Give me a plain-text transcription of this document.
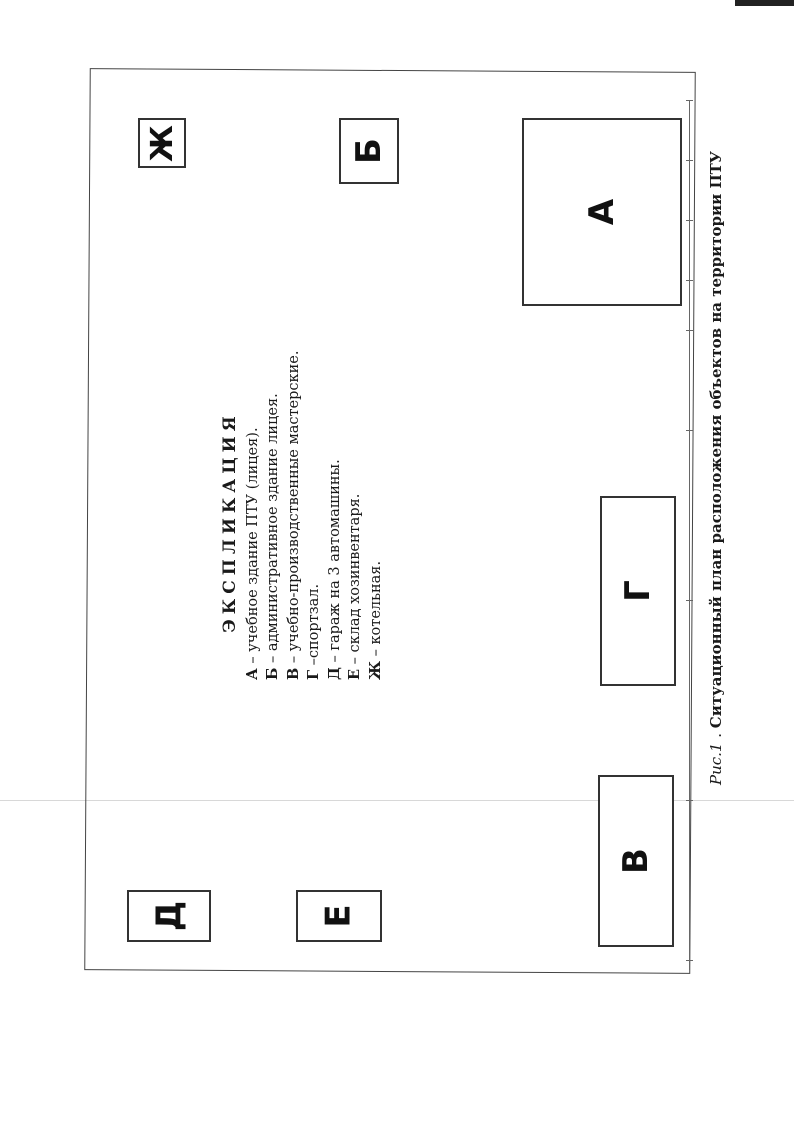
А
Б
В
Г
Д	Е
Ж
ЭКСПЛИКАЦИЯ
А – учебное здание ПТУ (лицея).
Б – административное здание лицея.
В – учебно-производственные мастерские.
Г –спортзал.
Д – гараж на 3 автомашины.
Е – склад хозинвентаря.
Ж – котельная.
Рис.1 . Ситуационный план расположения объектов на территории ПТУ
